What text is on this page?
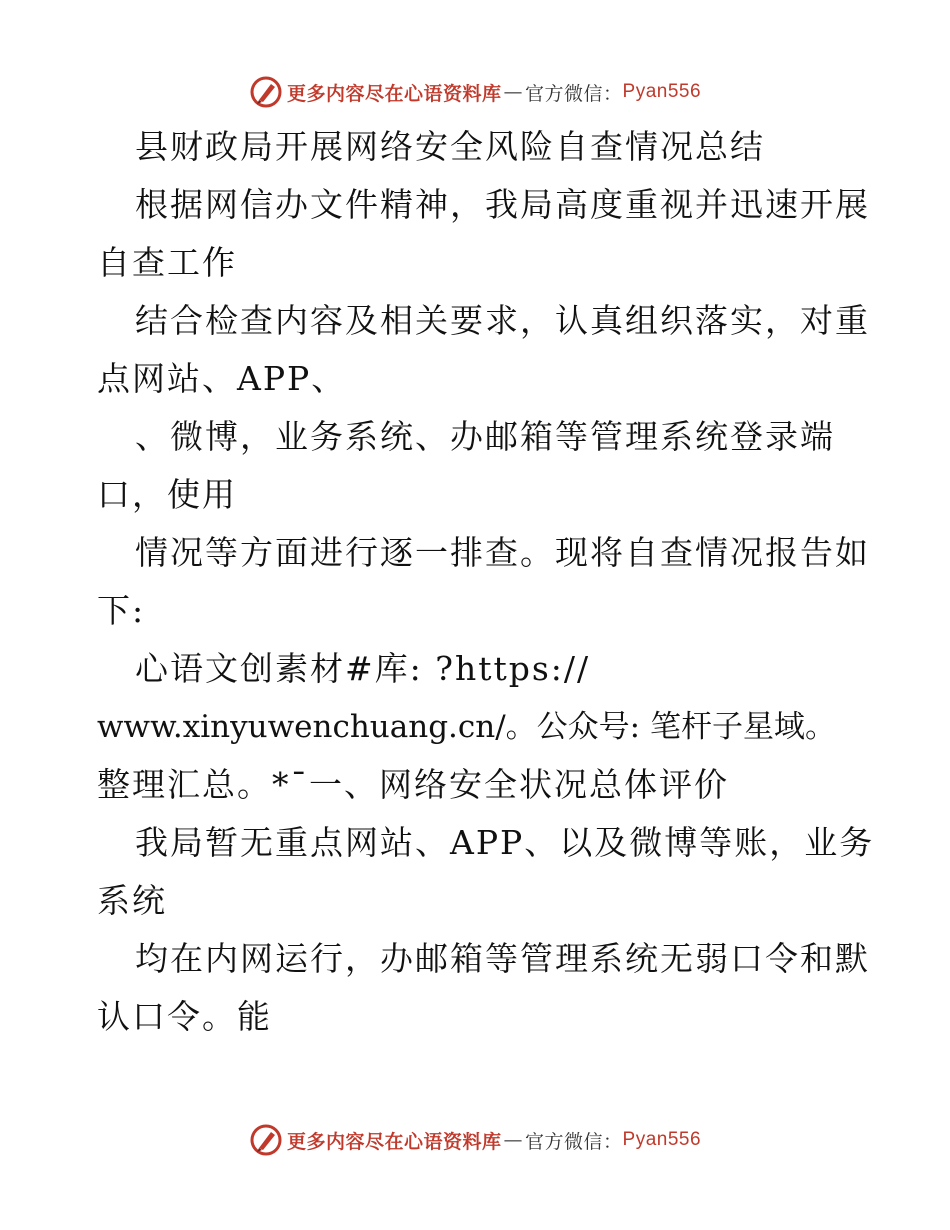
更多内容尽在心语资料库 — 官方微信 ： Pyan556
县财政局开展网络安全风险自查情况总结
根据网信办文件精神，我局高度重视并迅速开展
自查工作
结合检查内容及相关要求，认真组织落实，对重
点网站、APP、
、微博，业务系统、办邮箱等管理系统登录端
口，使用
情况等方面进行逐一排查。现将自查情况报告如
下:
心语文创素材#库: ?https://
www.xinyuwenchuang.cn/。公众号: 笔杆子星域。
整理汇总。*¯一、网络安全状况总体评价
我局暂无重点网站、APP、以及微博等账，业务
系统
均在内网运行，办邮箱等管理系统无弱口令和默
认口令。能
更多内容尽在心语资料库 — 官方微信 ： Pyan556
